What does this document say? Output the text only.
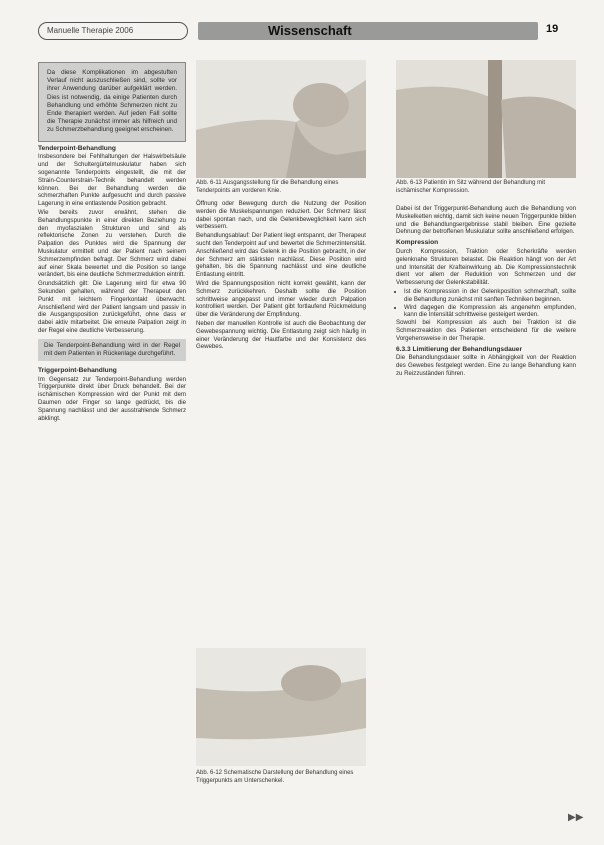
Manuelle Therapie 2006	Wissenschaft	19
Da diese Komplikationen im abgestuften Verlauf nicht auszuschließen sind, sollte vor ihrer Anwendung darüber aufgeklärt werden. Dies ist notwendig, da einige Patienten durch Behandlung und erhöhte Schmerzen nicht zu Ende therapiert werden. Auf jeden Fall sollte die Therapie zunächst immer als hilfreich und zu Schmerzbehandlung geeignet erscheinen.
Tenderpoint-Behandlung

Insbesondere bei Fehlhaltungen der Halswirbelsäule und der Schultergürtelmuskulatur haben sich sogenannte Tenderpoints eingestellt, die mit der Strain-Counterstrain-Technik behandelt werden können. Bei der Behandlung werden die schmerzhaften Punkte aufgesucht und durch passive Lagerung in eine entlastende Position gebracht.

Wie bereits zuvor erwähnt, stehen die Behandlungspunkte in einer direkten Beziehung zu den myofaszialen Strukturen und sind als reflektorische Zonen zu verstehen. Durch die Palpation des Punktes wird die Spannung der Muskulatur ermittelt und der Patient nach seinem Schmerzempfinden befragt. Der Schmerz wird dabei auf einer Skala bewertet und die Position so lange verändert, bis eine deutliche Schmerzreduktion eintritt.

Grundsätzlich gilt: Die Lagerung wird für etwa 90 Sekunden gehalten, während der Therapeut den Punkt mit leichtem Fingerkontakt überwacht. Anschließend wird der Patient langsam und passiv in die Ausgangsposition zurückgeführt, ohne dass er dabei aktiv mitarbeitet. Die erneute Palpation zeigt in der Regel eine deutliche Verbesserung.

Die Tenderpoint-Behandlung wird in der Regel mit dem Patienten in Rückenlage durchgeführt.
Triggerpoint-Behandlung

Im Gegensatz zur Tenderpoint-Behandlung werden Triggerpunkte direkt über Druck behandelt. Bei der ischämischen Kompression wird der Punkt mit dem Daumen oder Finger so lange gedrückt, bis die Spannung nachlässt und der ausstrahlende Schmerz abklingt.

Abb. 6-11 Ausgangsstellung für die Behandlung eines Tenderpoints am vorderen Knie.

Öffnung oder Bewegung durch die Nutzung der Position werden die Muskelspannungen reduziert. Der Schmerz lässt dabei spontan nach, und die Gelenkbeweglichkeit kann sich verbessern.

Behandlungsablauf: Der Patient liegt entspannt, der Therapeut sucht den Tenderpoint auf und bewertet die Schmerzintensität. Anschließend wird das Gelenk in die Position gebracht, in der der Schmerz am stärksten nachlässt. Diese Position wird gehalten, bis die Spannung nachlässt und eine deutliche Entlastung eintritt.

Wird die Spannungsposition nicht korrekt gewählt, kann der Schmerz zurückkehren. Deshalb sollte die Position schrittweise angepasst und immer wieder durch Palpation kontrolliert werden. Der Patient gibt fortlaufend Rückmeldung über die Veränderung der Empfindung.

Neben der manuellen Kontrolle ist auch die Beobachtung der Gewebespannung wichtig. Die Entlastung zeigt sich häufig in einer Veränderung der Hautfarbe und der Konsistenz des Gewebes.

Abb. 6-12 Schematische Darstellung der Behandlung eines Triggerpunkts am Unterschenkel.
Abb. 6-13 Patientin im Sitz während der Behandlung mit ischämischer Kompression.

Dabei ist der Triggerpunkt-Behandlung auch die Behandlung von Muskelketten wichtig, damit sich keine neuen Triggerpunkte bilden und die Behandlungsergebnisse stabil bleiben. Eine gezielte Dehnung der betroffenen Muskulatur sollte anschließend erfolgen.

Kompression

Durch Kompression, Traktion oder Scherkräfte werden gelenknahe Strukturen belastet. Die Reaktion hängt von der Art und Intensität der Krafteinwirkung ab. Die Kompressionstechnik dient vor allem der Reduktion von Schmerzen und der Verbesserung der Gelenkstabilität.

• Ist die Kompression in der Gelenkposition schmerzhaft, sollte die Behandlung zunächst mit sanften Techniken beginnen.
• Wird dagegen die Kompression als angenehm empfunden, kann die Intensität schrittweise gesteigert werden.

Sowohl bei Kompression als auch bei Traktion ist die Schmerzreaktion des Patienten entscheidend für die weitere Vorgehensweise in der Therapie.

6.3.3 Limitierung der Behandlungsdauer

Die Behandlungsdauer sollte in Abhängigkeit von der Reaktion des Gewebes festgelegt werden. Eine zu lange Behandlung kann zu Reizzuständen führen.

▶▶
